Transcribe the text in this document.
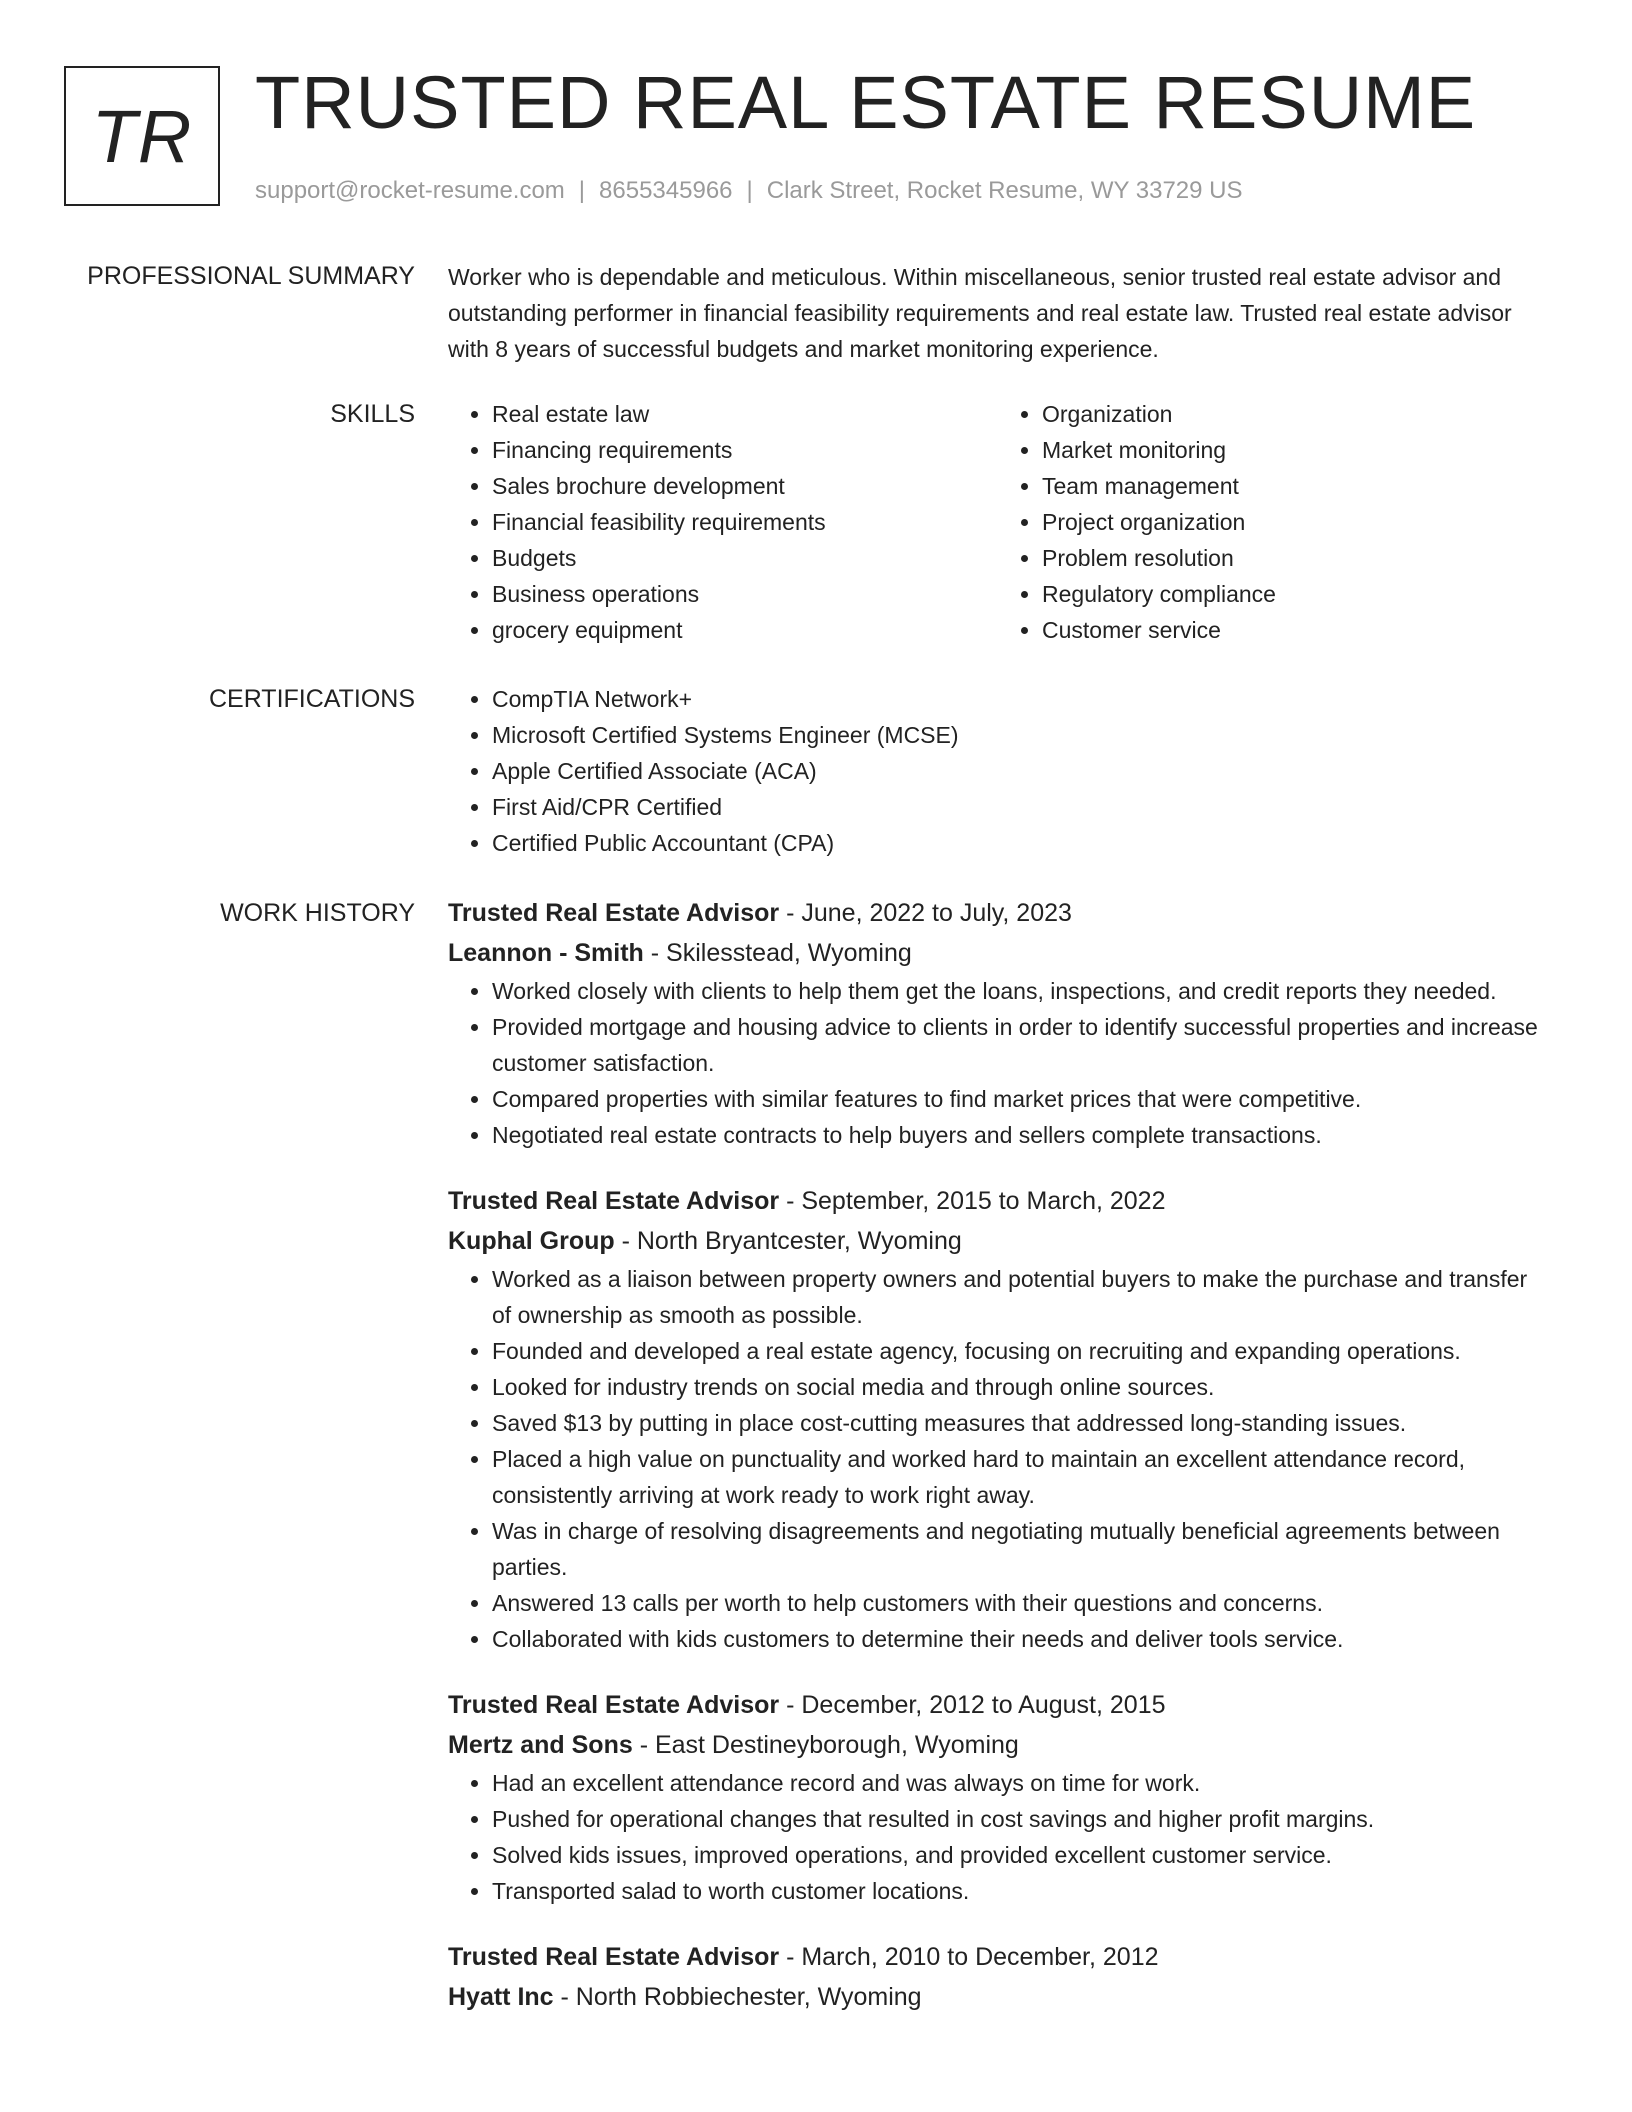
TR TRUSTED REAL ESTATE RESUME
support@rocket-resume.com | 8655345966 | Clark Street, Rocket Resume, WY 33729 US
PROFESSIONAL SUMMARY Worker who is dependable and meticulous. Within miscellaneous, senior trusted real estate advisor and outstanding performer in financial feasibility requirements and real estate law. Trusted real estate advisor with 8 years of successful budgets and market monitoring experience.
SKILLS	• Real estate law
• Financing requirements
• Sales brochure development
• Financial feasibility requirements
• Budgets
• Business operations
• grocery equipment
• Organization
• Market monitoring
• Team management
• Project organization
• Problem resolution
• Regulatory compliance
• Customer service
CERTIFICATIONS	• CompTIA Network+
• Microsoft Certified Systems Engineer (MCSE)
• Apple Certified Associate (ACA)
• First Aid/CPR Certified
• Certified Public Accountant (CPA)
WORK HISTORY Trusted Real Estate Advisor - June, 2022 to July, 2023
Leannon - Smith - Skilesstead, Wyoming
• Worked closely with clients to help them get the loans, inspections, and credit reports they needed.
• Provided mortgage and housing advice to clients in order to identify successful properties and increase customer satisfaction.
• Compared properties with similar features to find market prices that were competitive.
• Negotiated real estate contracts to help buyers and sellers complete transactions.
Trusted Real Estate Advisor - September, 2015 to March, 2022
Kuphal Group - North Bryantcester, Wyoming
• Worked as a liaison between property owners and potential buyers to make the purchase and transfer of ownership as smooth as possible.
• Founded and developed a real estate agency, focusing on recruiting and expanding operations.
• Looked for industry trends on social media and through online sources.
• Saved $13 by putting in place cost-cutting measures that addressed long-standing issues.
• Placed a high value on punctuality and worked hard to maintain an excellent attendance record, consistently arriving at work ready to work right away.
• Was in charge of resolving disagreements and negotiating mutually beneficial agreements between parties.
• Answered 13 calls per worth to help customers with their questions and concerns.
• Collaborated with kids customers to determine their needs and deliver tools service.
Trusted Real Estate Advisor - December, 2012 to August, 2015
Mertz and Sons - East Destineyborough, Wyoming
• Had an excellent attendance record and was always on time for work.
• Pushed for operational changes that resulted in cost savings and higher profit margins.
• Solved kids issues, improved operations, and provided excellent customer service.
• Transported salad to worth customer locations.
Trusted Real Estate Advisor - March, 2010 to December, 2012
Hyatt Inc - North Robbiechester, Wyoming
